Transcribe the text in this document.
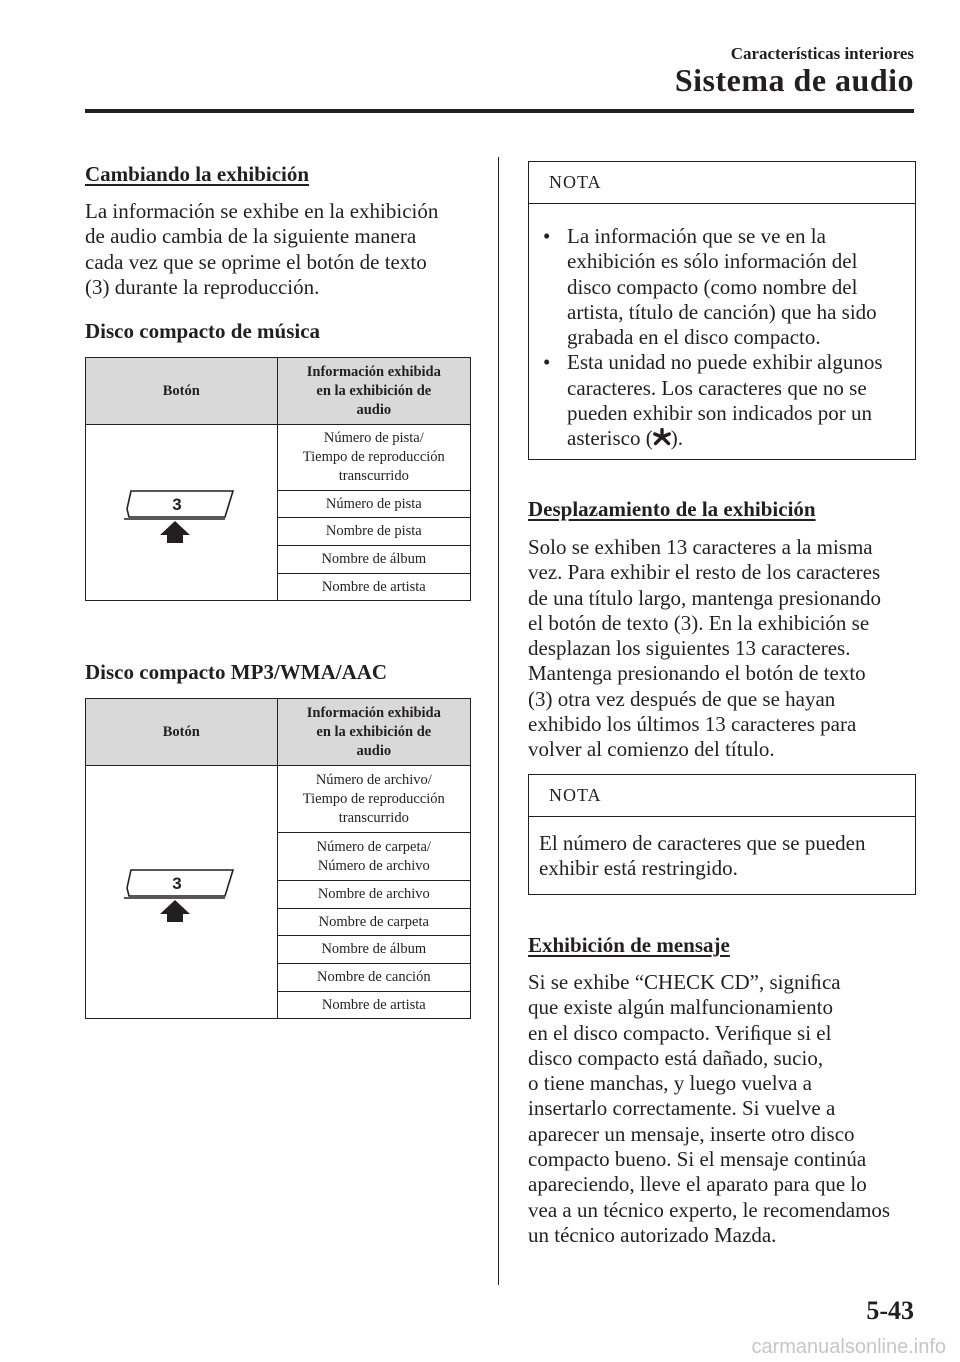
Características interiores
Sistema de audio
Cambiando la exhibición
La información se exhibe en la exhibición
de audio cambia de la siguiente manera
cada vez que se oprime el botón de texto
(3) durante la reproducción.
Disco compacto de música
Botón	Información exhibida
en la exhibición de
audio

3	Número de pista/
Tiempo de reproducción
transcurrido

	Número de pista
	Nombre de pista
	Nombre de álbum
	Nombre de artista
Disco compacto MP3/WMA/AAC
Botón	Información exhibida
en la exhibición de
audio

3	Número de archivo/
Tiempo de reproducción
transcurrido

	Número de carpeta/
Número de archivo

	Nombre de archivo
	Nombre de carpeta
	Nombre de álbum
	Nombre de canción
	Nombre de artista
NOTA
• La información que se ve en la
exhibición es sólo información del
disco compacto (como nombre del
artista, título de canción) que ha sido
grabada en el disco compacto.
• Esta unidad no puede exhibir algunos
caracteres. Los caracteres que no se
pueden exhibir son indicados por un
asterisco ( ).
Desplazamiento de la exhibición
Solo se exhiben 13 caracteres a la misma
vez. Para exhibir el resto de los caracteres
de una título largo, mantenga presionando
el botón de texto (3). En la exhibición se
desplazan los siguientes 13 caracteres.
Mantenga presionando el botón de texto
(3) otra vez después de que se hayan
exhibido los últimos 13 caracteres para
volver al comienzo del título.
NOTA
El número de caracteres que se pueden
exhibir está restringido.
Exhibición de mensaje
Si se exhibe “CHECK CD”, signiﬁca
que existe algún malfuncionamiento
en el disco compacto. Veriﬁque si el
disco compacto está dañado, sucio,
o tiene manchas, y luego vuelva a
insertarlo correctamente. Si vuelve a
aparecer un mensaje, inserte otro disco
compacto bueno. Si el mensaje continúa
apareciendo, lleve el aparato para que lo
vea a un técnico experto, le recomendamos
un técnico autorizado Mazda.
5-43
carmanualsonline.info
